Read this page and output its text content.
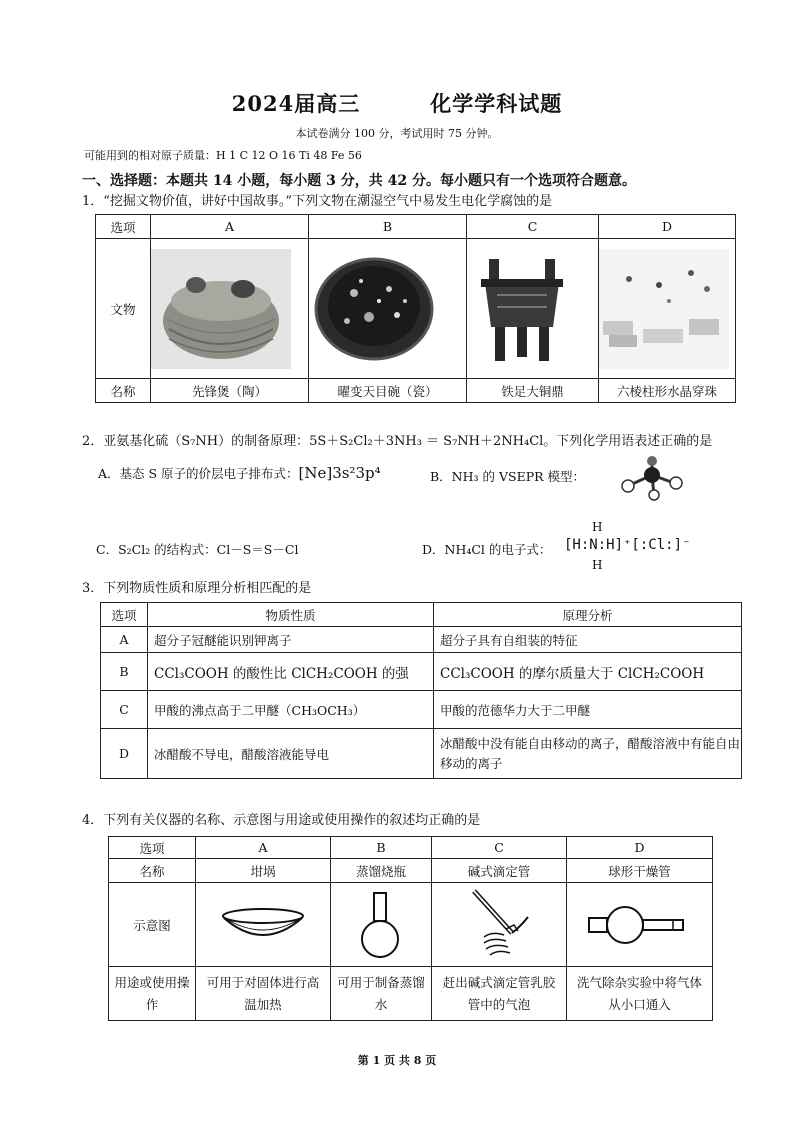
2024届高三	化学学科试题
本试卷满分 100 分，考试用时 75 分钟。
可能用到的相对原子质量：H 1 C 12 O 16 Ti 48 Fe 56
一、选择题：本题共 14 小题，每小题 3 分，共 42 分。每小题只有一个选项符合题意。
1．“挖掘文物价值，讲好中国故事。”下列文物在潮湿空气中易发生电化学腐蚀的是
选项	A	B	C	D
文物	

名称	先锋煲（陶）	曜变天目碗（瓷）	铁足大铜鼎	六棱柱形水晶穿珠
2．亚氨基化硫（S₇NH）的制备原理：5S＋S₂Cl₂＋3NH₃ ＝ S₇NH＋2NH₄Cl。下列化学用语表述正确的是
A．基态 S 原子的价层电子排布式：[Ne]3s²3p⁴	B．NH₃ 的 VSEPR 模型：
C．S₂Cl₂ 的结构式：Cl－S＝S－Cl	D．NH₄Cl 的电子式：
H
[H:N:H]⁺[:Cl:]⁻
H
3．下列物质性质和原理分析相匹配的是
选项	物质性质	原理分析
A	超分子冠醚能识别钾离子	超分子具有自组装的特征
B	CCl₃COOH 的酸性比 ClCH₂COOH 的强	CCl₃COOH 的摩尔质量大于 ClCH₂COOH
C	甲酸的沸点高于二甲醚（CH₃OCH₃）	甲酸的范德华力大于二甲醚
D	冰醋酸不导电，醋酸溶液能导电	冰醋酸中没有能自由移动的离子，醋酸溶液中有能自由移动的离子
4．下列有关仪器的名称、示意图与用途或使用操作的叙述均正确的是
选项	A	B	C	D
名称	坩埚	蒸馏烧瓶	碱式滴定管	球形干燥管
示意图	

用途或使用操作	可用于对固体进行高温加热	可用于制备蒸馏水	赶出碱式滴定管乳胶管中的气泡	洗气除杂实验中将气体从小口通入
第 1 页 共 8 页
